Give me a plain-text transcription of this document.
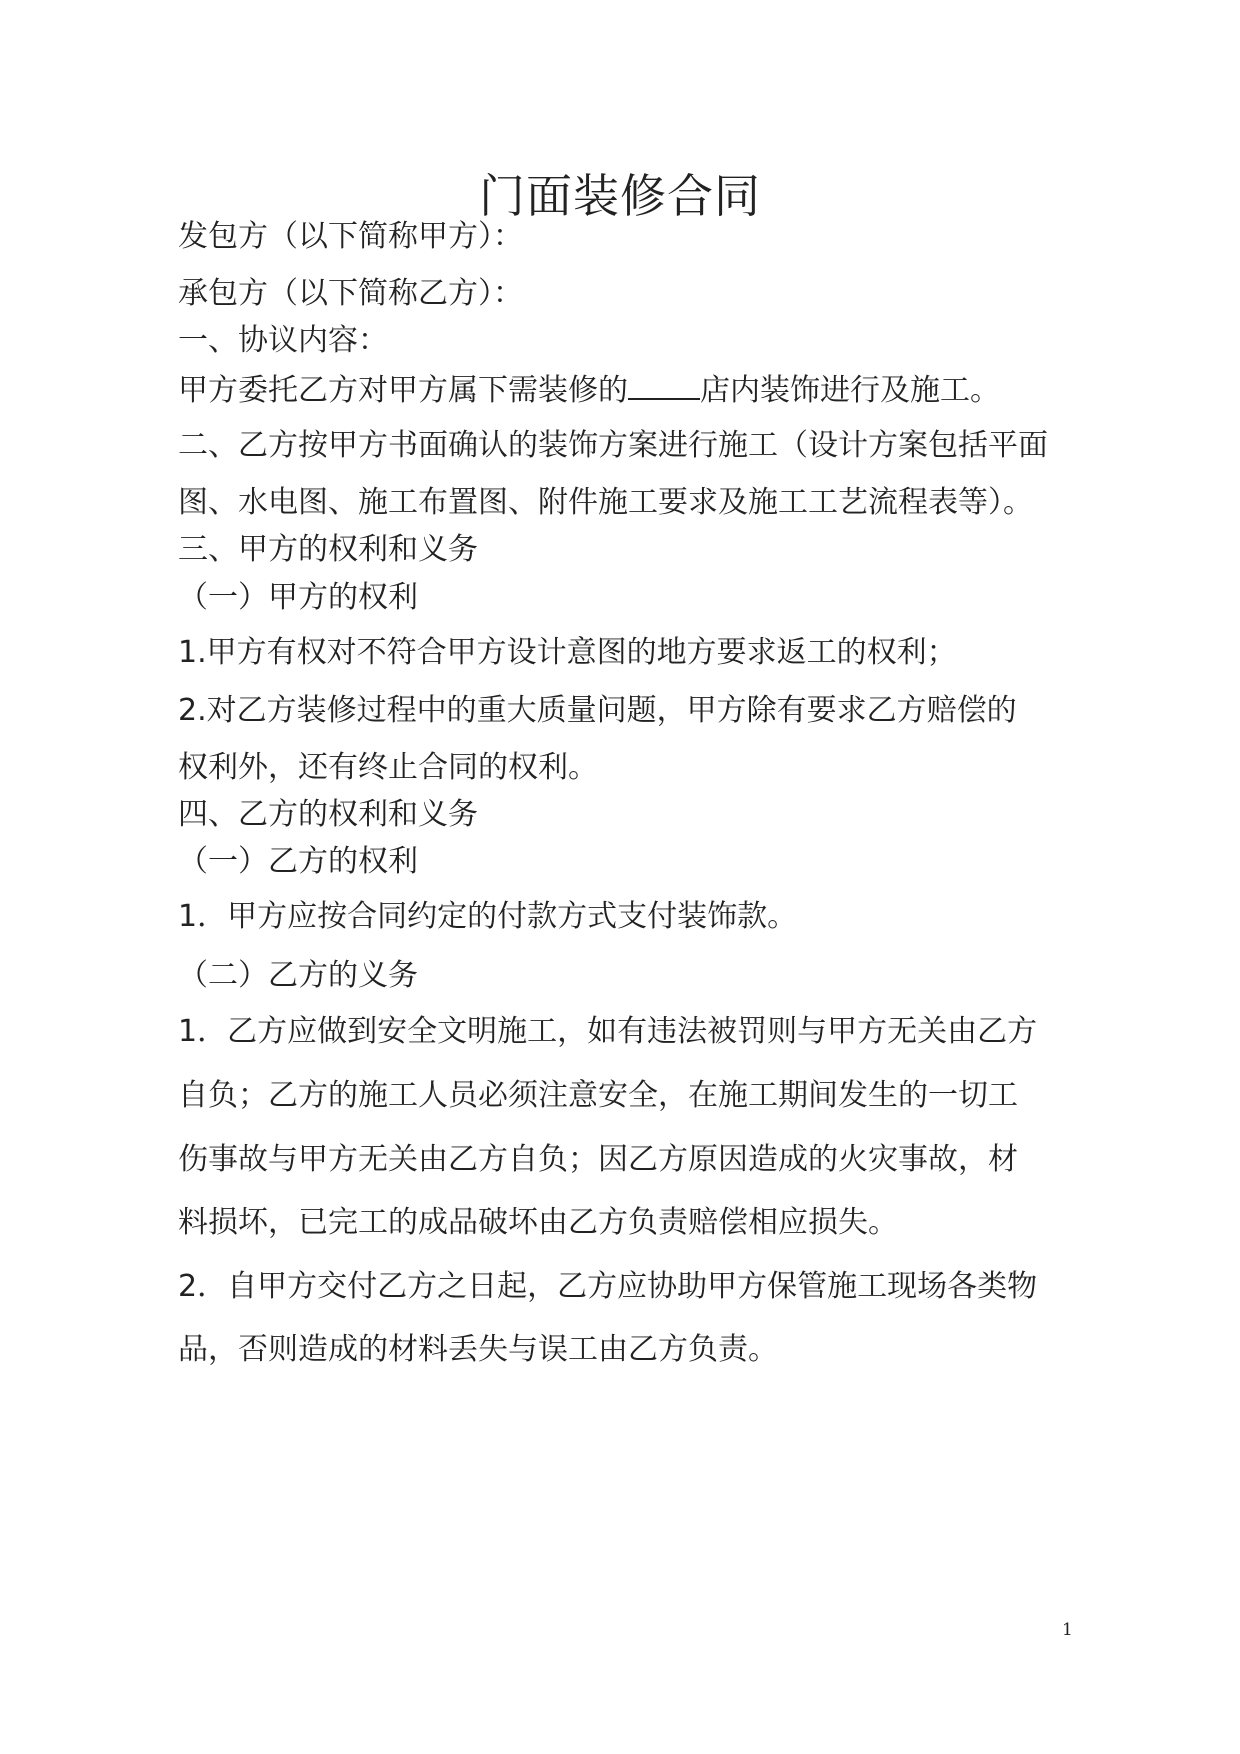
门面装修合同
发包方（以下简称甲方）：
承包方（以下简称乙方）：
一、协议内容：
甲方委托乙方对甲方属下需装修的 店内装饰进行及施工。
二、乙方按甲方书面确认的装饰方案进行施工（设计方案包括平面
图、水电图、施工布置图、附件施工要求及施工工艺流程表等）。
三、甲方的权利和义务
（一）甲方的权利
1.甲方有权对不符合甲方设计意图的地方要求返工的权利；
2.对乙方装修过程中的重大质量问题，甲方除有要求乙方赔偿的
权利外，还有终止合同的权利。
四、乙方的权利和义务
（一）乙方的权利
1．甲方应按合同约定的付款方式支付装饰款。
（二）乙方的义务
1．乙方应做到安全文明施工，如有违法被罚则与甲方无关由乙方
自负；乙方的施工人员必须注意安全，在施工期间发生的一切工
伤事故与甲方无关由乙方自负；因乙方原因造成的火灾事故，材
料损坏，已完工的成品破坏由乙方负责赔偿相应损失。
2．自甲方交付乙方之日起，乙方应协助甲方保管施工现场各类物
品，否则造成的材料丢失与误工由乙方负责。
1
